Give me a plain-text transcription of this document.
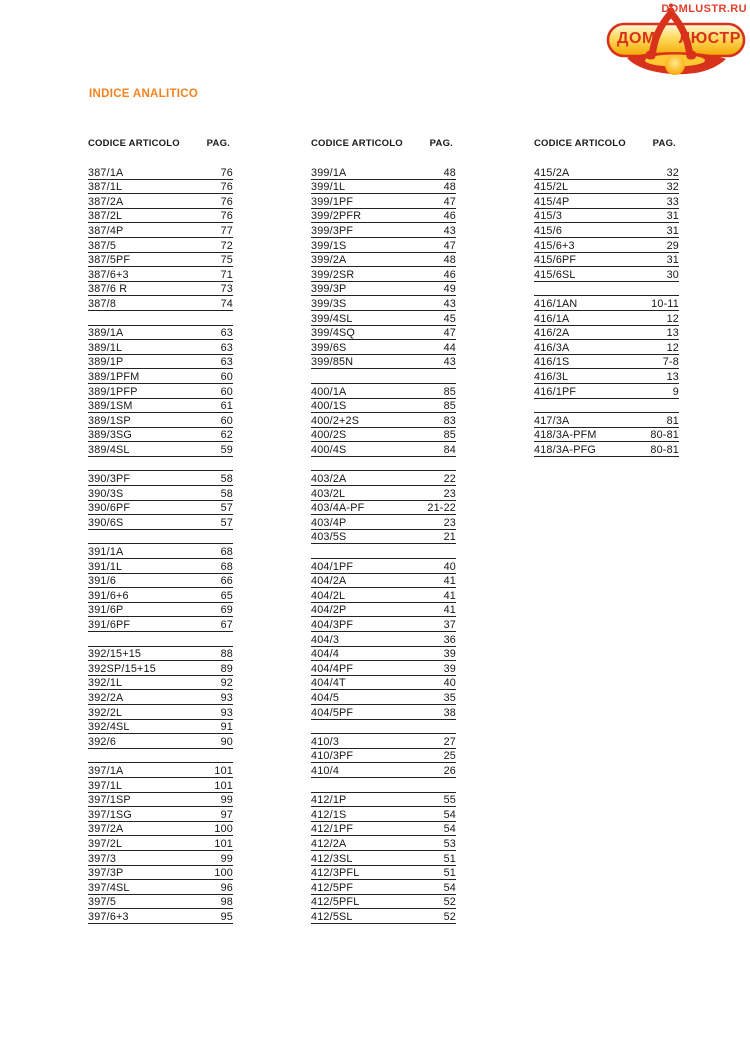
DOMLUSTR.RU
ДОМ ЛЮСТР
INDICE ANALITICO
CODICE ARTICOLO	PAG.
387/1A	76
387/1L	76
387/2A	76
387/2L	76
387/4P	77
387/5	72
387/5PF	75
387/6+3	71
387/6 R	73
387/8	74
389/1A	63
389/1L	63
389/1P	63
389/1PFM	60
389/1PFP	60
389/1SM	61
389/1SP	60
389/3SG	62
389/4SL	59
390/3PF	58
390/3S	58
390/6PF	57
390/6S	57
391/1A	68
391/1L	68
391/6	66
391/6+6	65
391/6P	69
391/6PF	67
392/15+15	88
392SP/15+15	89
392/1L	92
392/2A	93
392/2L	93
392/4SL	91
392/6	90
397/1A	101
397/1L	101
397/1SP	99
397/1SG	97
397/2A	100
397/2L	101
397/3	99
397/3P	100
397/4SL	96
397/5	98
397/6+3	95
CODICE ARTICOLO	PAG.
399/1A	48
399/1L	48
399/1PF	47
399/2PFR	46
399/3PF	43
399/1S	47
399/2A	48
399/2SR	46
399/3P	49
399/3S	43
399/4SL	45
399/4SQ	47
399/6S	44
399/85N	43
400/1A	85
400/1S	85
400/2+2S	83
400/2S	85
400/4S	84
403/2A	22
403/2L	23
403/4A-PF	21-22
403/4P	23
403/5S	21
404/1PF	40
404/2A	41
404/2L	41
404/2P	41
404/3PF	37
404/3	36
404/4	39
404/4PF	39
404/4T	40
404/5	35
404/5PF	38
410/3	27
410/3PF	25
410/4	26
412/1P	55
412/1S	54
412/1PF	54
412/2A	53
412/3SL	51
412/3PFL	51
412/5PF	54
412/5PFL	52
412/5SL	52
CODICE ARTICOLO	PAG.
415/2A	32
415/2L	32
415/4P	33
415/3	31
415/6	31
415/6+3	29
415/6PF	31
415/6SL	30
416/1AN	10-11
416/1A	12
416/2A	13
416/3A	12
416/1S	7-8
416/3L	13
416/1PF	9
417/3A	81
418/3A-PFM	80-81
418/3A-PFG	80-81
